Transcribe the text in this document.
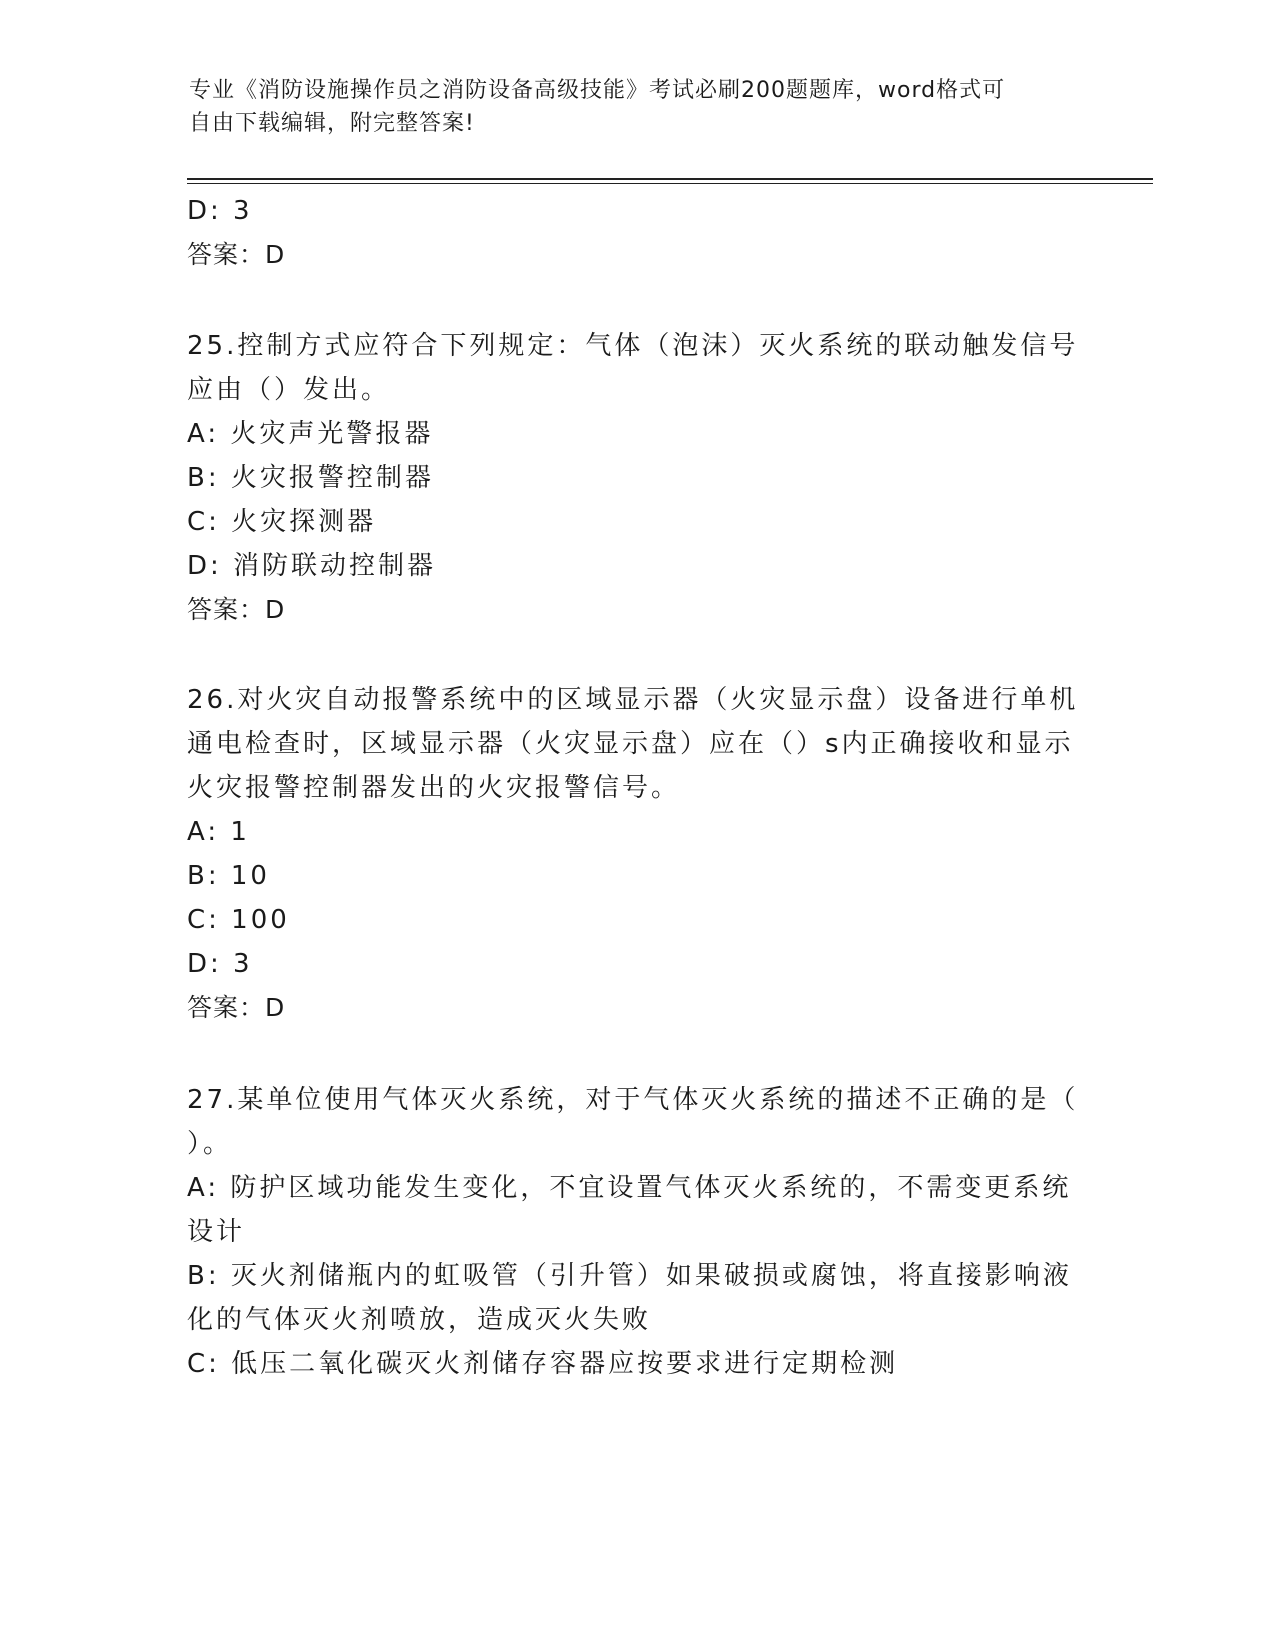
专业《消防设施操作员之消防设备高级技能》考试必刷200题题库，word格式可
自由下载编辑，附完整答案!
D: 3
答案：D
25.控制方式应符合下列规定：气体（泡沫）灭火系统的联动触发信号
应由（）发出。
A: 火灾声光警报器
B: 火灾报警控制器
C: 火灾探测器
D: 消防联动控制器
答案：D
26.对火灾自动报警系统中的区域显示器（火灾显示盘）设备进行单机
通电检查时，区域显示器（火灾显示盘）应在（）s内正确接收和显示
火灾报警控制器发出的火灾报警信号。
A: 1
B: 10
C: 100
D: 3
答案：D
27.某单位使用气体灭火系统，对于气体灭火系统的描述不正确的是（
）。
A: 防护区域功能发生变化，不宜设置气体灭火系统的，不需变更系统
设计
B: 灭火剂储瓶内的虹吸管（引升管）如果破损或腐蚀，将直接影响液
化的气体灭火剂喷放，造成灭火失败
C: 低压二氧化碳灭火剂储存容器应按要求进行定期检测
